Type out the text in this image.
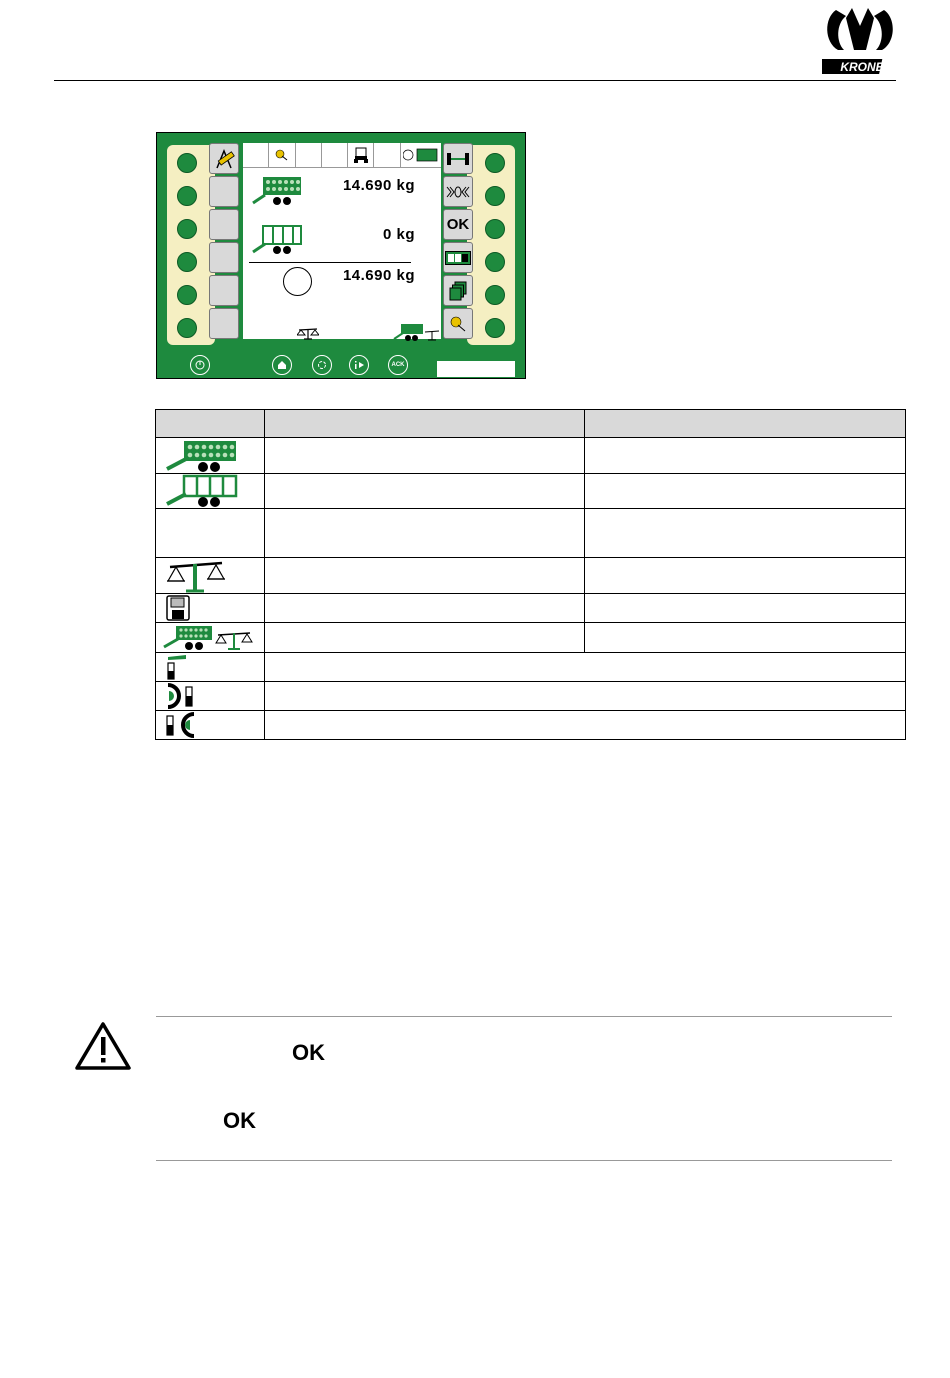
KRONE
14.690 kg
0 kg
14.690 kg
OK
ACK

OK
OK
